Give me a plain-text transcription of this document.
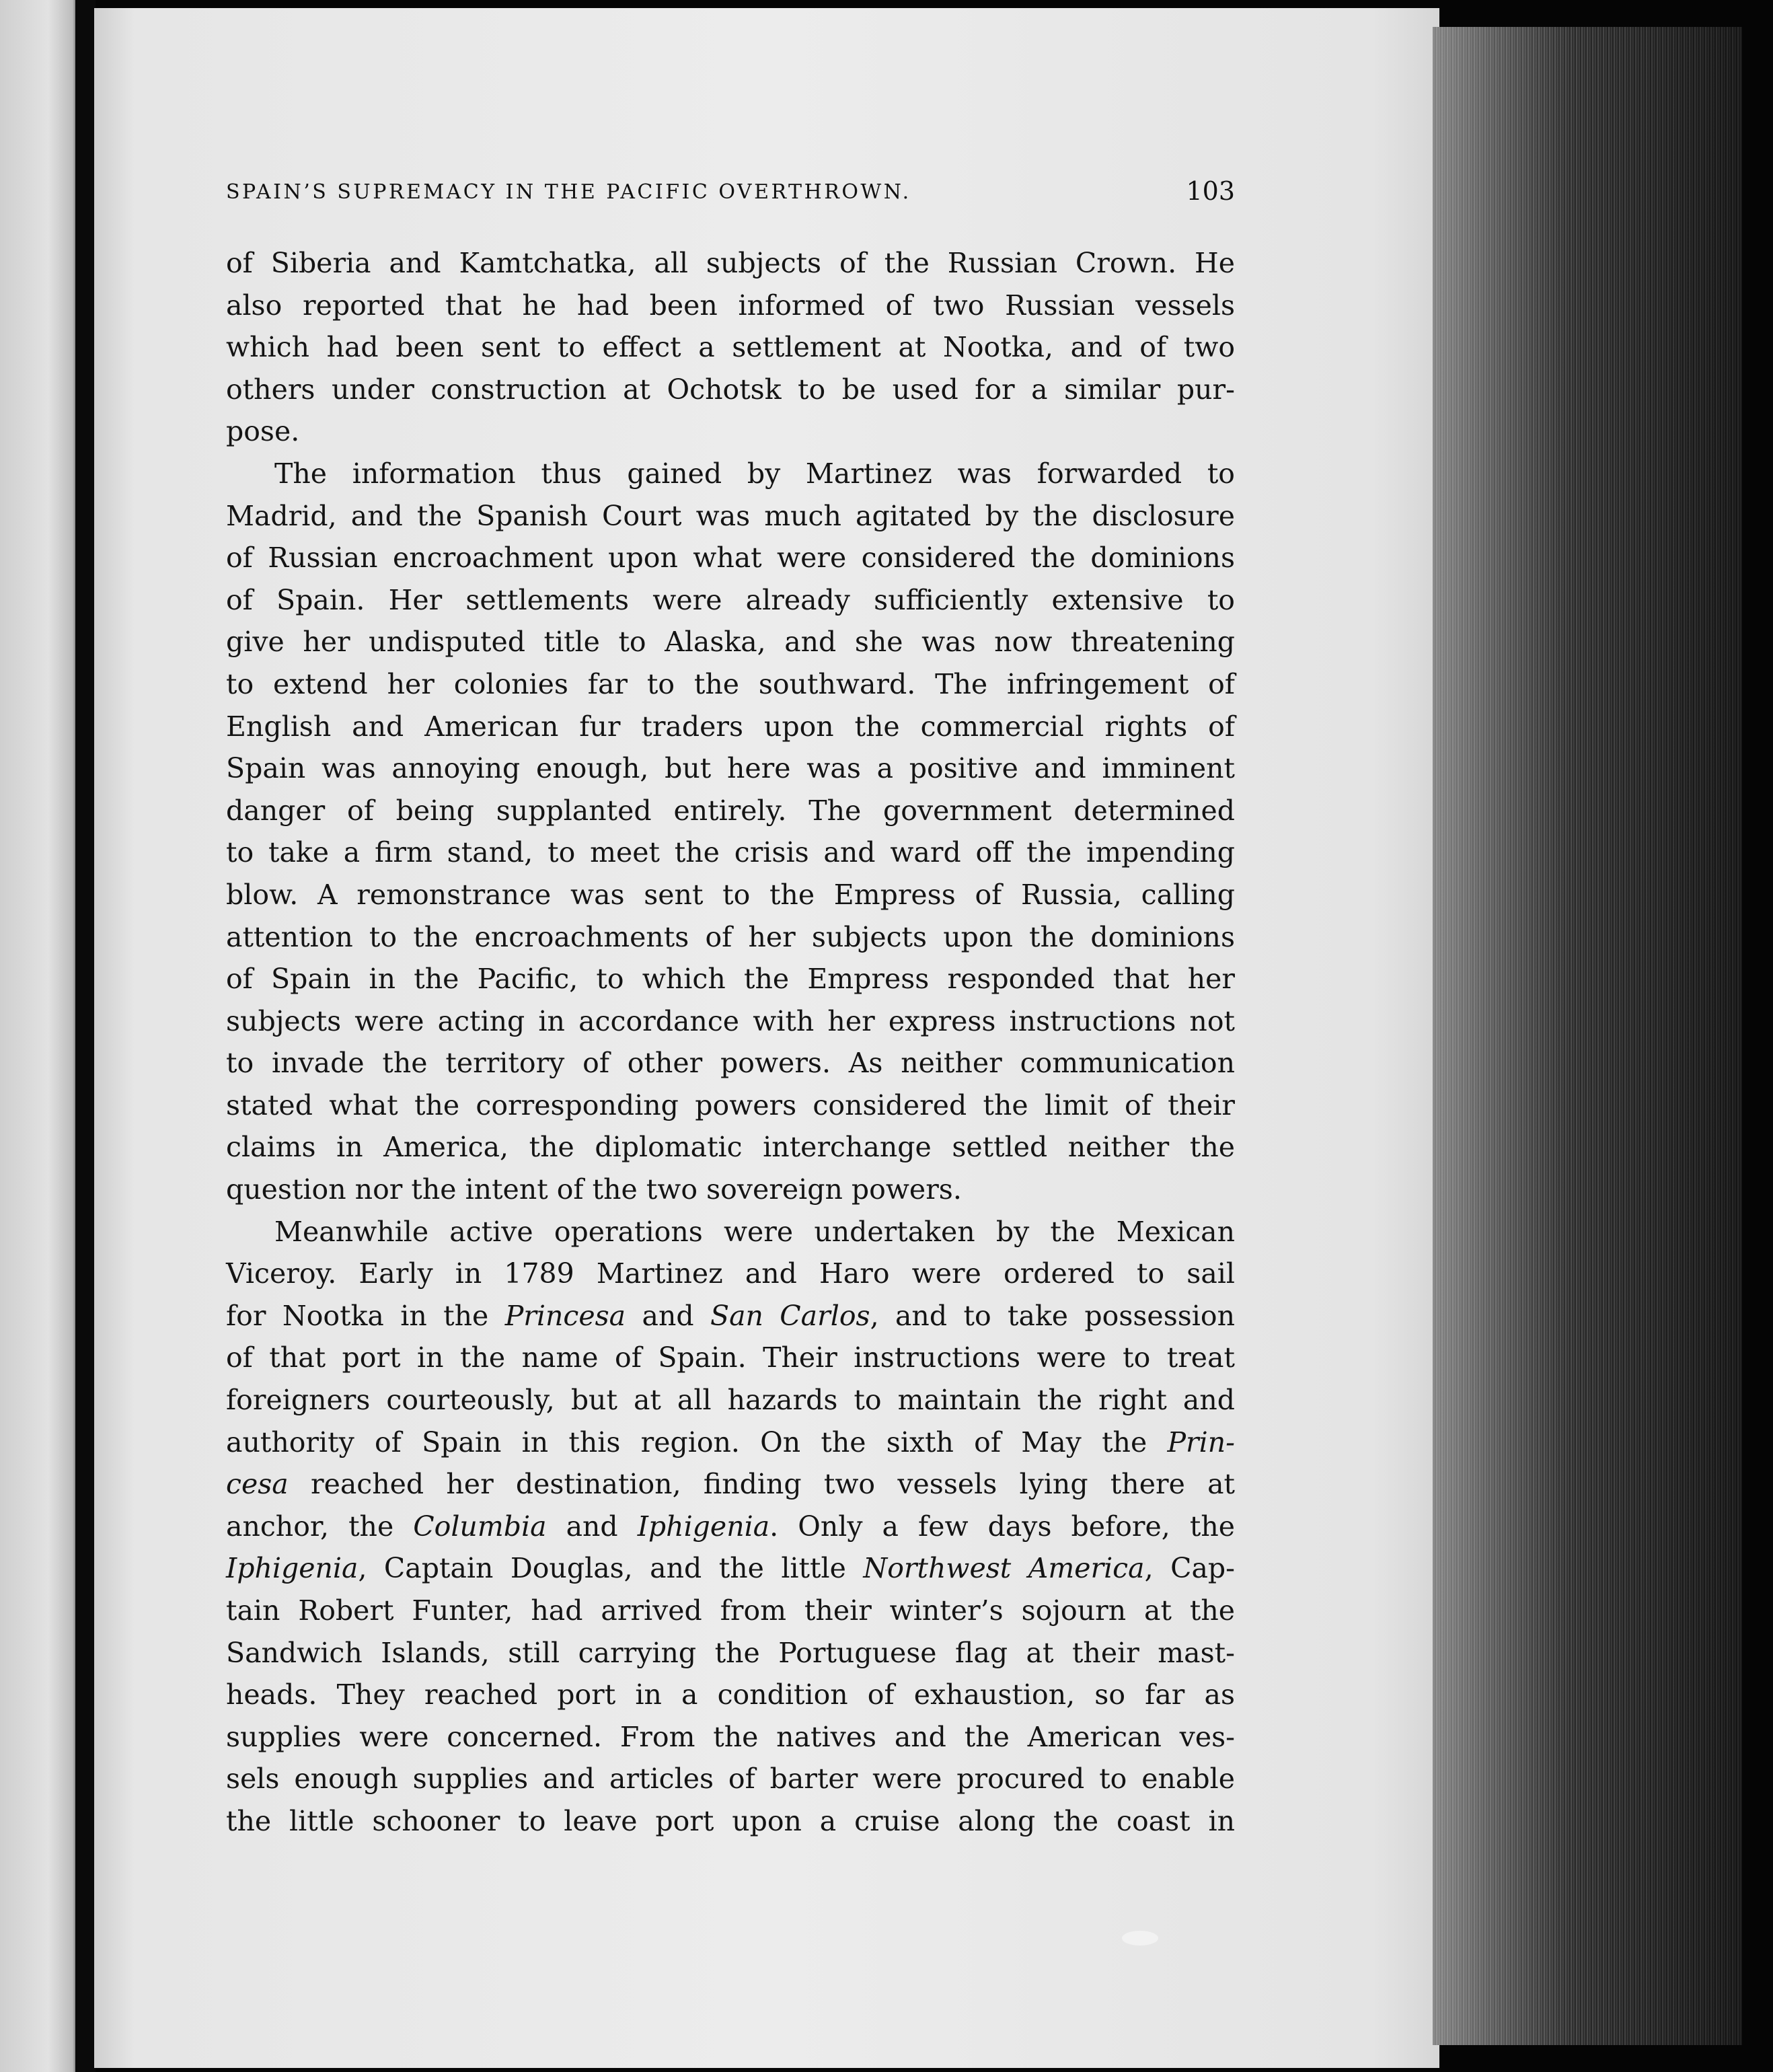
SPAIN’S SUPREMACY IN THE PACIFIC OVERTHROWN.	103
of Siberia and Kamtchatka, all subjects of the Russian Crown. He
also reported that he had been informed of two Russian vessels
which had been sent to effect a settlement at Nootka, and of two
others under construction at Ochotsk to be used for a similar pur-
pose.
The information thus gained by Martinez was forwarded to
Madrid, and the Spanish Court was much agitated by the disclosure
of Russian encroachment upon what were considered the dominions
of Spain. Her settlements were already sufficiently extensive to
give her undisputed title to Alaska, and she was now threatening
to extend her colonies far to the southward. The infringement of
English and American fur traders upon the commercial rights of
Spain was annoying enough, but here was a positive and imminent
danger of being supplanted entirely. The government determined
to take a firm stand, to meet the crisis and ward off the impending
blow. A remonstrance was sent to the Empress of Russia, calling
attention to the encroachments of her subjects upon the dominions
of Spain in the Pacific, to which the Empress responded that her
subjects were acting in accordance with her express instructions not
to invade the territory of other powers. As neither communication
stated what the corresponding powers considered the limit of their
claims in America, the diplomatic interchange settled neither the
question nor the intent of the two sovereign powers.
Meanwhile active operations were undertaken by the Mexican
Viceroy. Early in 1789 Martinez and Haro were ordered to sail
for Nootka in the Princesa and San Carlos, and to take possession
of that port in the name of Spain. Their instructions were to treat
foreigners courteously, but at all hazards to maintain the right and
authority of Spain in this region. On the sixth of May the Prin-
cesa reached her destination, finding two vessels lying there at
anchor, the Columbia and Iphigenia. Only a few days before, the
Iphigenia, Captain Douglas, and the little Northwest America, Cap-
tain Robert Funter, had arrived from their winter’s sojourn at the
Sandwich Islands, still carrying the Portuguese flag at their mast-
heads. They reached port in a condition of exhaustion, so far as
supplies were concerned. From the natives and the American ves-
sels enough supplies and articles of barter were procured to enable
the little schooner to leave port upon a cruise along the coast in
